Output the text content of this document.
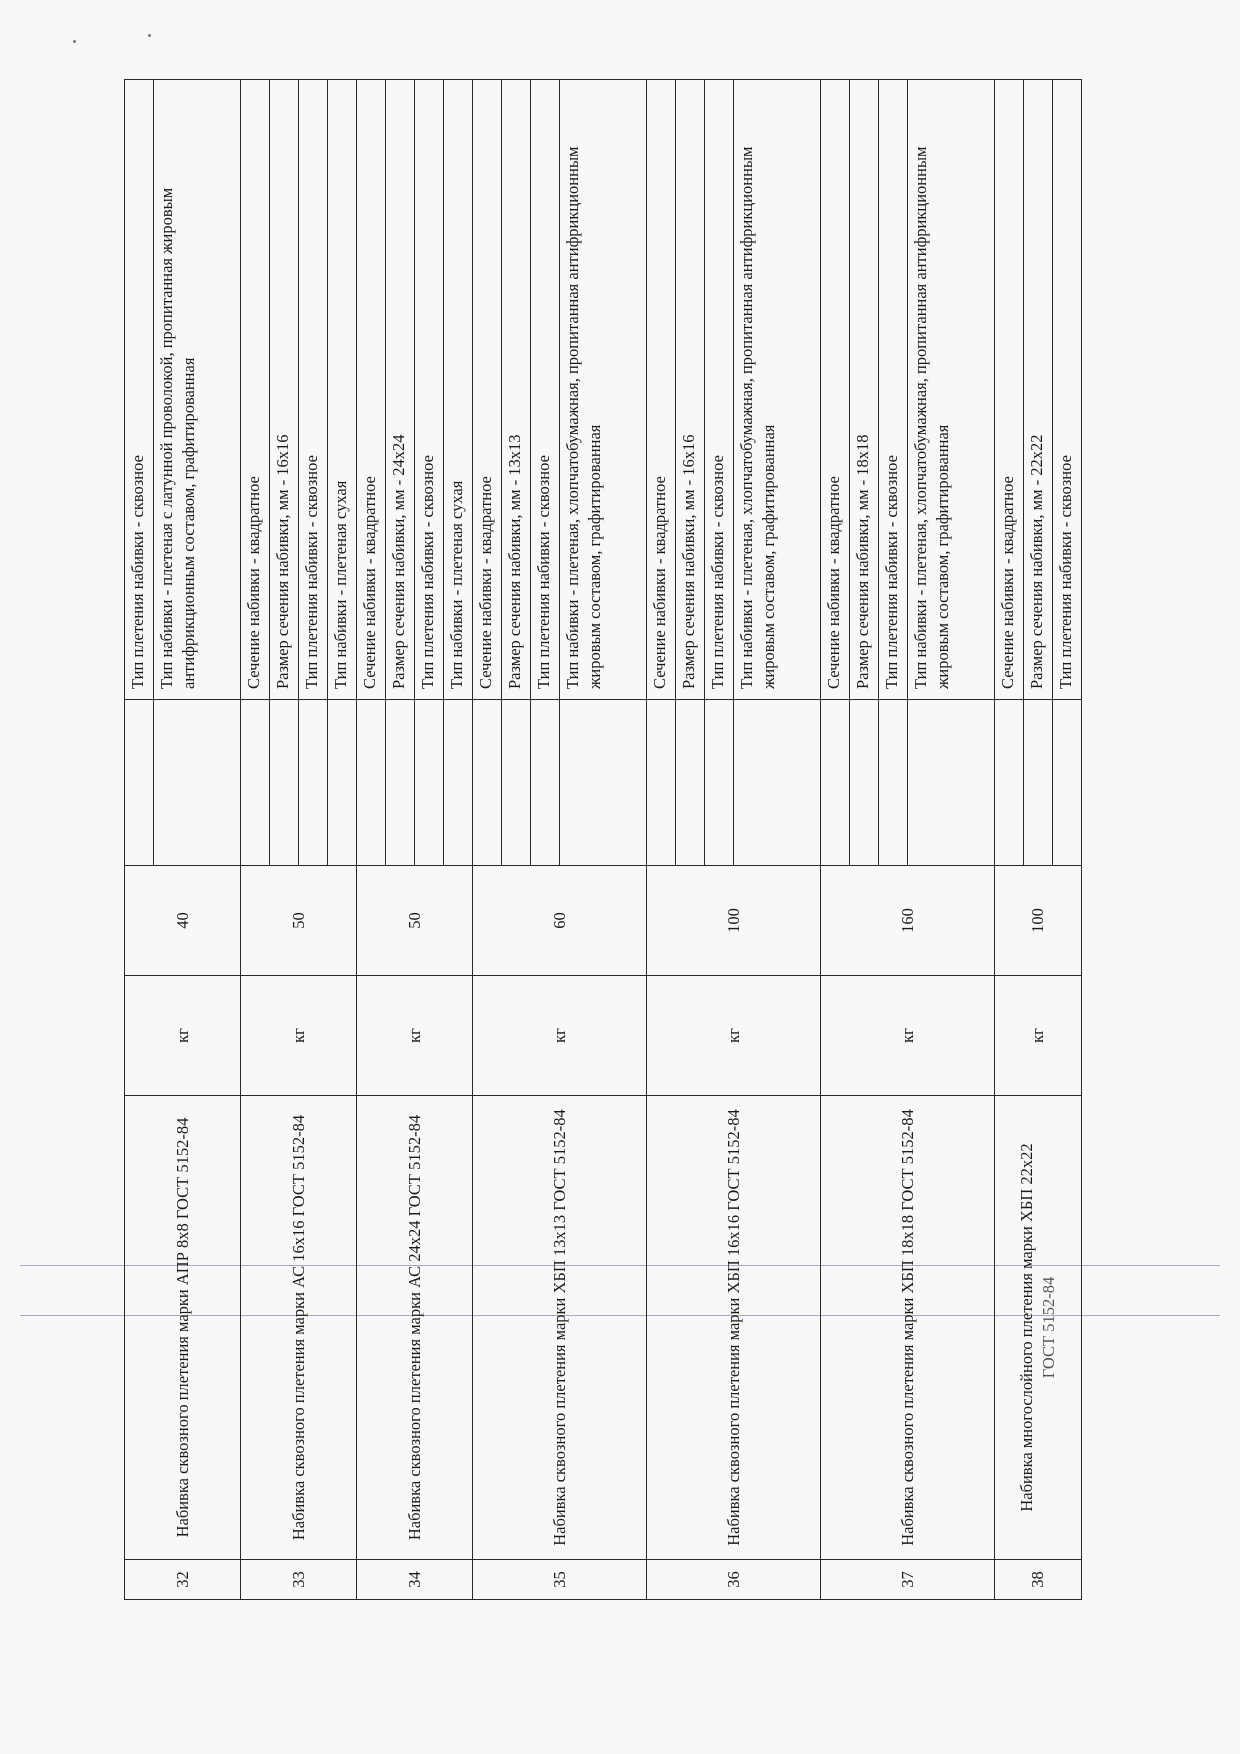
32	Набивка сквозного плетения марки АПР 8х8 ГОСТ 5152-84	кг	40		Тип плетения набивки - сквозное
					Тип набивки - плетеная с латунной проволокой, пропитанная жировым антифрикционным составом, графитированная
33	Набивка сквозного плетения марки АС 16х16 ГОСТ 5152-84	кг	50		Сечение набивки - квадратное
					Размер сечения набивки, мм - 16х16
					Тип плетения набивки - сквозное
					Тип набивки - плетеная сухая
34	Набивка сквозного плетения марки АС 24х24 ГОСТ 5152-84	кг	50		Сечение набивки - квадратное
					Размер сечения набивки, мм - 24х24
					Тип плетения набивки - сквозное
					Тип набивки - плетеная сухая
35	Набивка сквозного плетения марки ХБП 13х13 ГОСТ 5152-84	кг	60		Сечение набивки - квадратное
					Размер сечения набивки, мм - 13х13
					Тип плетения набивки - сквозное
					Тип набивки - плетеная, хлопчатобумажная, пропитанная антифрикционным жировым составом, графитированная
36	Набивка сквозного плетения марки ХБП 16х16 ГОСТ 5152-84	кг	100		Сечение набивки - квадратное
					Размер сечения набивки, мм - 16х16
					Тип плетения набивки - сквозное
					Тип набивки - плетеная, хлопчатобумажная, пропитанная антифрикционным жировым составом, графитированная
37	Набивка сквозного плетения марки ХБП 18х18 ГОСТ 5152-84	кг	160		Сечение набивки - квадратное
					Размер сечения набивки, мм - 18х18
					Тип плетения набивки - сквозное
					Тип набивки - плетеная, хлопчатобумажная, пропитанная антифрикционным жировым составом, графитированная
38	Набивка многослойного плетения марки ХБП 22х22 ГОСТ 5152-84	кг	100		Сечение набивки - квадратное
					Размер сечения набивки, мм - 22х22
					Тип плетения набивки - сквозное
